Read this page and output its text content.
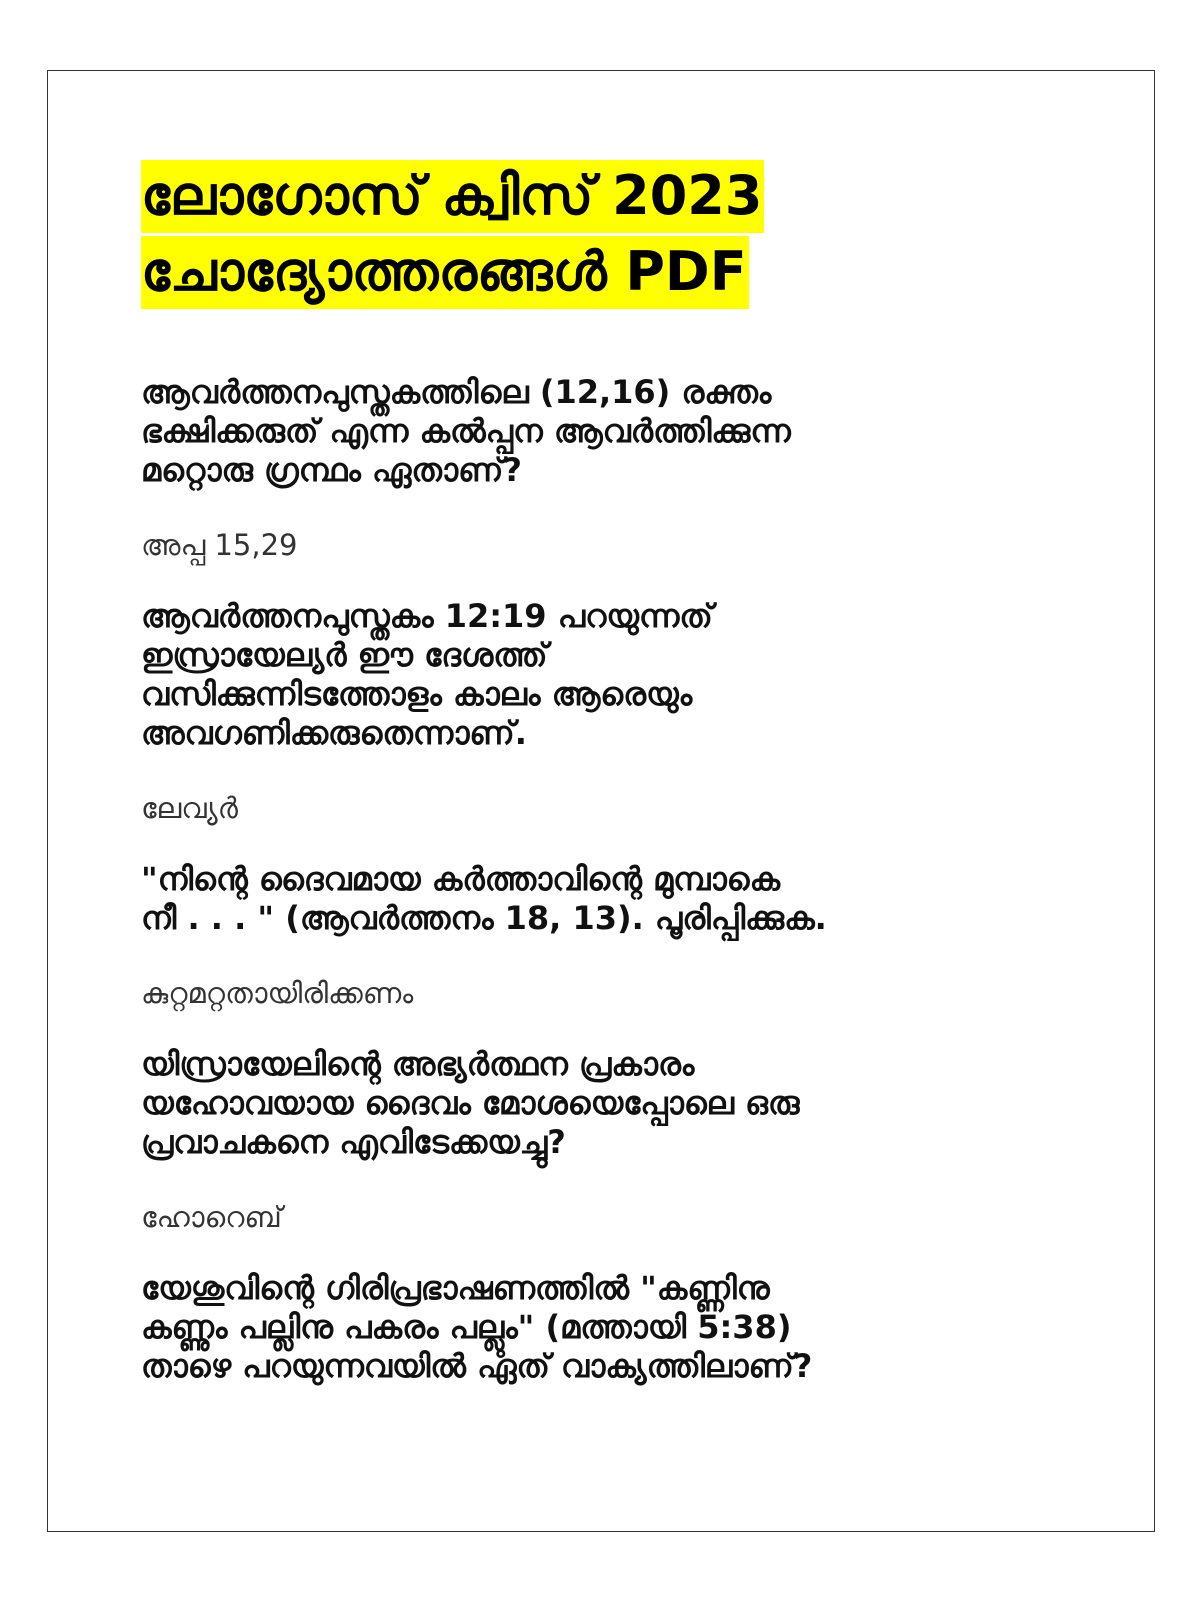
ലോഗോസ് ക്വിസ് 2023
ചോദ്യോത്തരങ്ങൾ PDF

ആവർത്തനപുസ്തകത്തിലെ (12,16) രക്തം
ഭക്ഷിക്കരുത് എന്ന കൽപ്പന ആവർത്തിക്കുന്ന
മറ്റൊരു ഗ്രന്ഥം ഏതാണ്?

അപ്പ 15,29

ആവർത്തനപുസ്തകം 12:19 പറയുന്നത്
ഇസ്രായേല്യർ ഈ ദേശത്ത്
വസിക്കുന്നിടത്തോളം കാലം ആരെയും
അവഗണിക്കരുതെന്നാണ്.

ലേവ്യർ

"നിന്റെ ദൈവമായ കർത്താവിന്റെ മുമ്പാകെ
നീ . . . " (ആവർത്തനം 18, 13). പൂരിപ്പിക്കുക.

കുറ്റമറ്റതായിരിക്കണം

യിസ്രായേലിന്റെ അഭ്യർത്ഥന പ്രകാരം
യഹോവയായ ദൈവം മോശയെപ്പോലെ ഒരു
പ്രവാചകനെ എവിടേക്കയച്ചു?

ഹോറെബ്

യേശുവിന്റെ ഗിരിപ്രഭാഷണത്തിൽ "കണ്ണിനു
കണ്ണും പല്ലിനു പകരം പല്ലും" (മത്തായി 5:38)
താഴെ പറയുന്നവയിൽ ഏത് വാക്യത്തിലാണ്?
